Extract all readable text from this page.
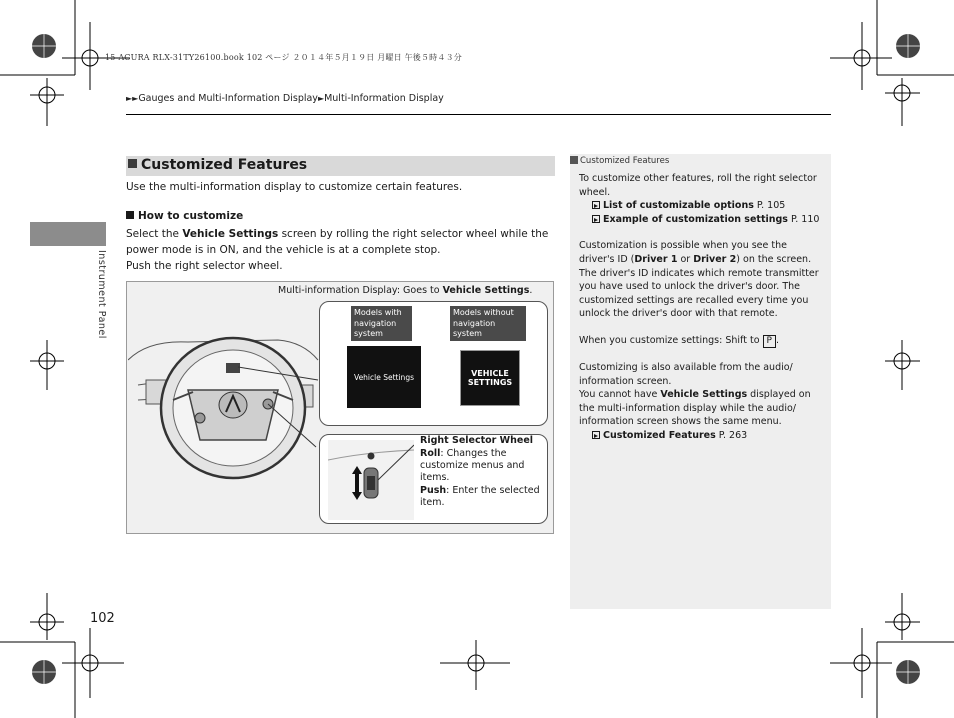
15 ACURA RLX-31TY26100.book 102 ページ ２０１４年５月１９日 月曜日 午後５時４３分
►►Gauges and Multi-Information Display►Multi-Information Display
Instrument Panel
Customized Features
Use the multi-information display to customize certain features.
How to customize
Select the Vehicle Settings screen by rolling the right selector wheel while the
power mode is in ON, and the vehicle is at a complete stop.
Push the right selector wheel.
Multi-information Display: Goes to Vehicle Settings.
Models with
navigation
system
Models without
navigation
system
Vehicle Settings	VEHICLE
SETTINGS
Right Selector Wheel
Roll: Changes the customize menus and items.
Push: Enter the selected item.
Customized Features
To customize other features, roll the right selector wheel.
List of customizable options P. 105
Example of customization settings P. 110
Customization is possible when you see the driver's ID (Driver 1 or Driver 2) on the screen.
The driver's ID indicates which remote transmitter you have used to unlock the driver's door. The customized settings are recalled every time you unlock the driver's door with that remote.
When you customize settings: Shift to P .
Customizing is also available from the audio/ information screen.
You cannot have Vehicle Settings displayed on the multi-information display while the audio/ information screen shows the same menu.
Customized Features P. 263
102
